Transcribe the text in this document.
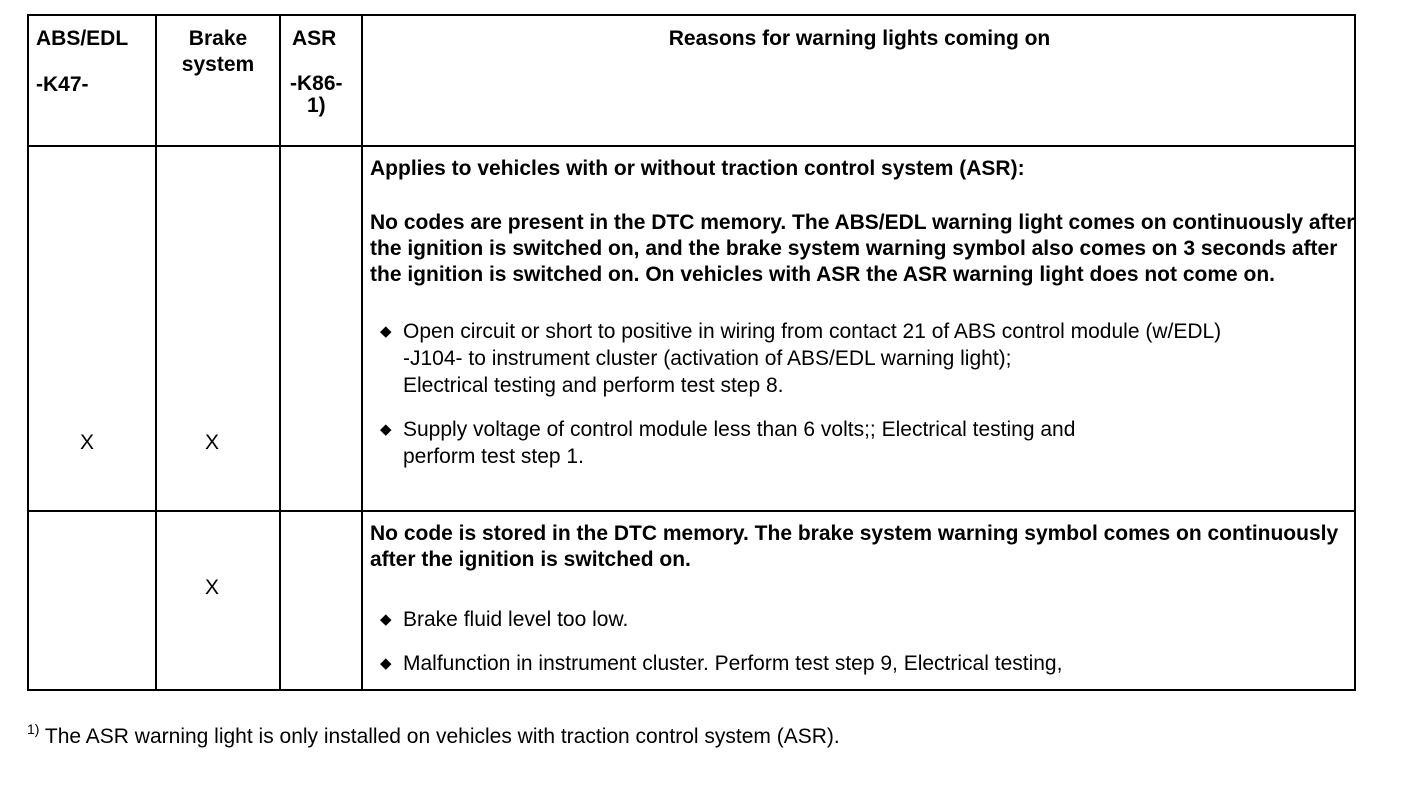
ABS/EDL
-K47-
Brake
system
ASR
-K86-
1)
Reasons for warning lights coming on
X	X
Applies to vehicles with or without traction control system (ASR):
No codes are present in the DTC memory. The ABS/EDL warning light comes on continuously after the ignition is switched on, and the brake system warning symbol also comes on 3 seconds after the ignition is switched on. On vehicles with ASR the ASR warning light does not come on.
◆ Open circuit or short to positive in wiring from contact 21 of ABS control module (w/EDL)
-J104- to instrument cluster (activation of ABS/EDL warning light);
Electrical testing and perform test step 8.
◆ Supply voltage of control module less than 6 volts;; Electrical testing and
perform test step 1.
X
No code is stored in the DTC memory. The brake system warning symbol comes on continuously after the ignition is switched on.
◆ Brake fluid level too low.
◆ Malfunction in instrument cluster. Perform test step 9, Electrical testing,
$^{1)}$ The ASR warning light is only installed on vehicles with traction control system (ASR).
